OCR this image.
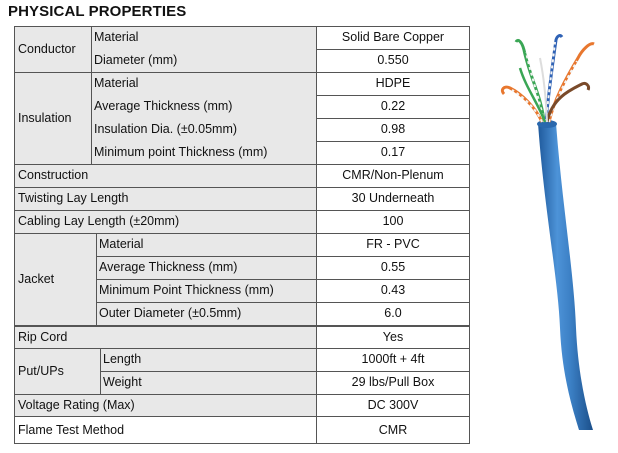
PHYSICAL PROPERTIES
Conductor
Material	Solid Bare Copper
Diameter (mm)	0.550
Insulation
Material	HDPE
Average Thickness (mm)	0.22
Insulation Dia. (±0.05mm)	0.98
Minimum point Thickness (mm)	0.17
Construction	CMR/Non-Plenum
Twisting Lay Length	30 Underneath
Cabling Lay Length (±20mm)	100
Jacket
Material	FR - PVC
Average Thickness (mm)	0.55
Minimum Point Thickness (mm)	0.43
Outer Diameter (±0.5mm)	6.0
Rip Cord	Yes
Put/UPs
Length	1000ft + 4ft
Weight	29 lbs/Pull Box
Voltage Rating (Max)	DC 300V
Flame Test Method	CMR
